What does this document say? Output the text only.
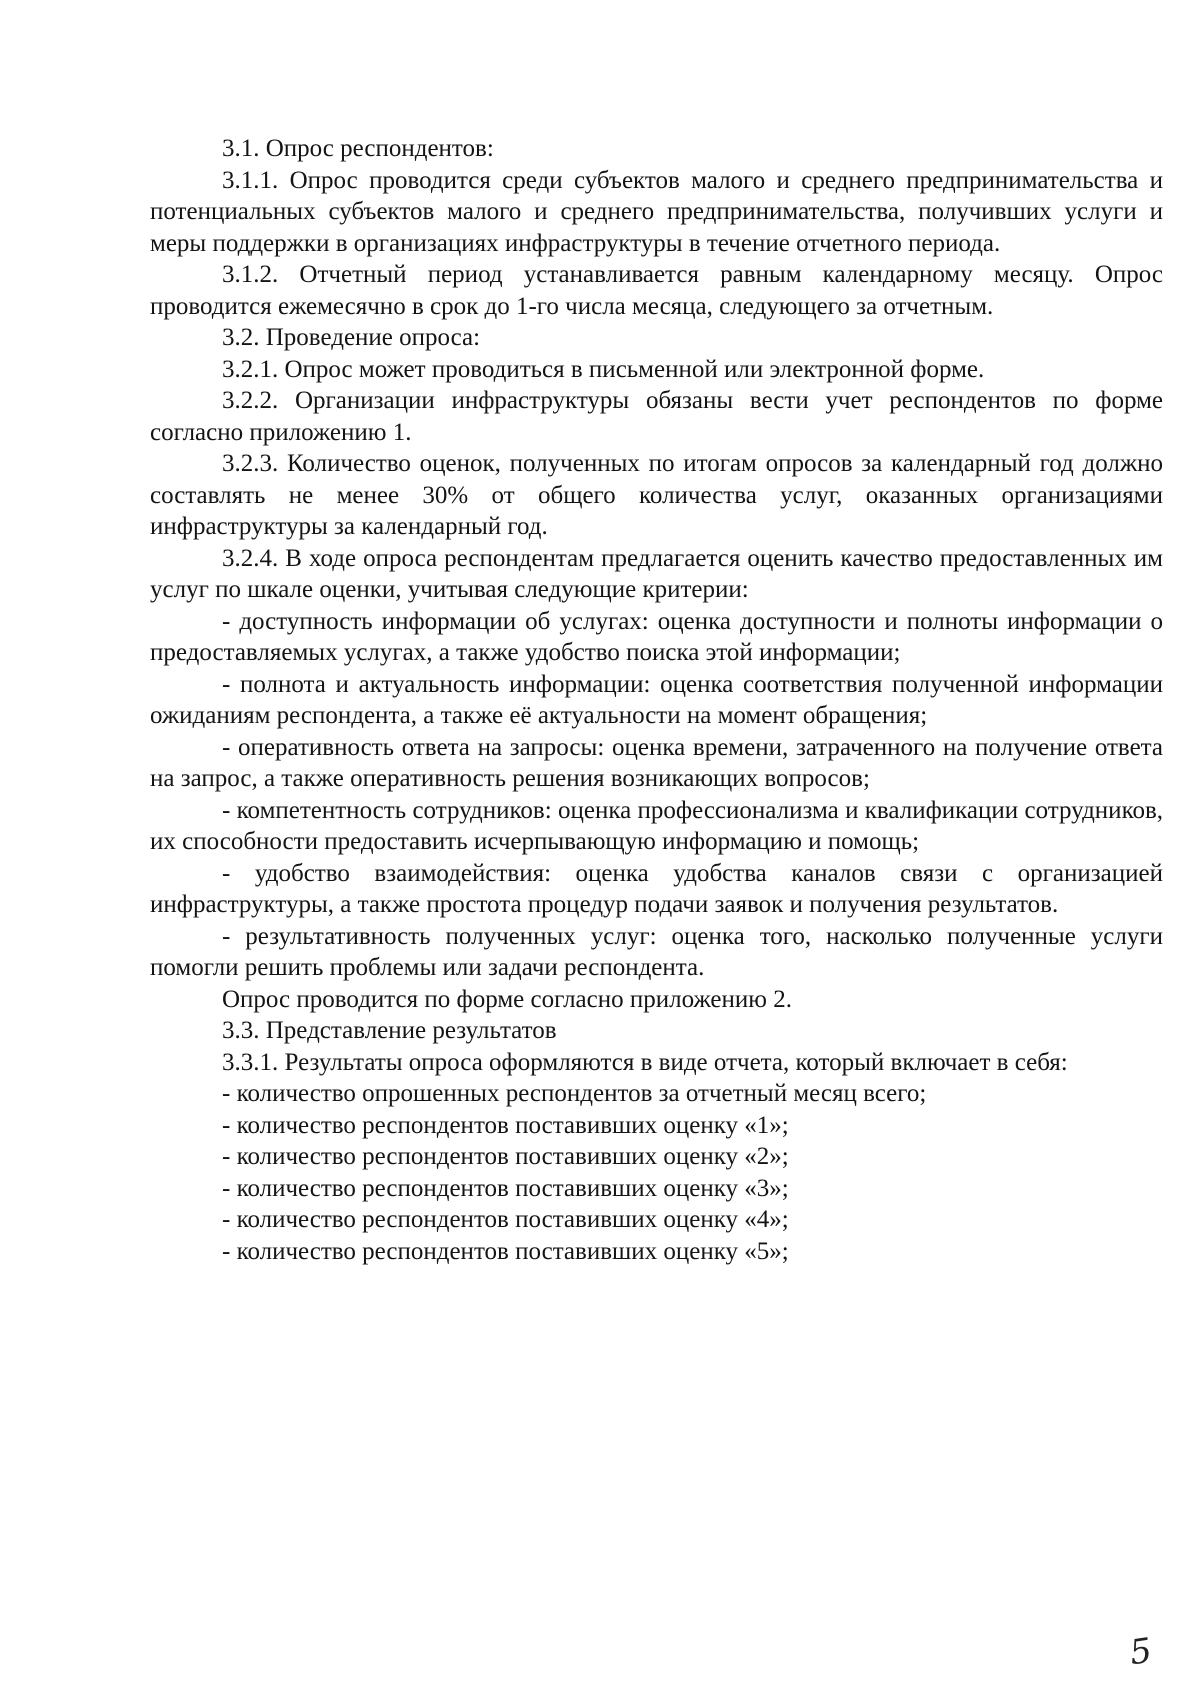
3.1. Опрос респондентов:

3.1.1. Опрос проводится среди субъектов малого и среднего предпринимательства и потенциальных субъектов малого и среднего предпринимательства, получивших услуги и меры поддержки в организациях инфраструктуры в течение отчетного периода.

3.1.2. Отчетный период устанавливается равным календарному месяцу. Опрос проводится ежемесячно в срок до 1-го числа месяца, следующего за отчетным.

3.2. Проведение опроса:

3.2.1. Опрос может проводиться в письменной или электронной форме.

3.2.2. Организации инфраструктуры обязаны вести учет респондентов по форме согласно приложению 1.

3.2.3. Количество оценок, полученных по итогам опросов за календарный год должно составлять не менее 30% от общего количества услуг, оказанных организациями инфраструктуры за календарный год.

3.2.4. В ходе опроса респондентам предлагается оценить качество предоставленных им услуг по шкале оценки, учитывая следующие критерии:

- доступность информации об услугах: оценка доступности и полноты информации о предоставляемых услугах, а также удобство поиска этой информации;

- полнота и актуальность информации: оценка соответствия полученной информации ожиданиям респондента, а также её актуальности на момент обращения;

- оперативность ответа на запросы: оценка времени, затраченного на получение ответа на запрос, а также оперативность решения возникающих вопросов;

- компетентность сотрудников: оценка профессионализма и квалификации сотрудников, их способности предоставить исчерпывающую информацию и помощь;

- удобство взаимодействия: оценка удобства каналов связи с организацией инфраструктуры, а также простота процедур подачи заявок и получения результатов.

- результативность полученных услуг: оценка того, насколько полученные услуги помогли решить проблемы или задачи респондента.

Опрос проводится по форме согласно приложению 2.

3.3. Представление результатов

3.3.1. Результаты опроса оформляются в виде отчета, который включает в себя:

- количество опрошенных респондентов за отчетный месяц всего;

- количество респондентов поставивших оценку «1»;

- количество респондентов поставивших оценку «2»;

- количество респондентов поставивших оценку «3»;

- количество респондентов поставивших оценку «4»;

- количество респондентов поставивших оценку «5»;

5
